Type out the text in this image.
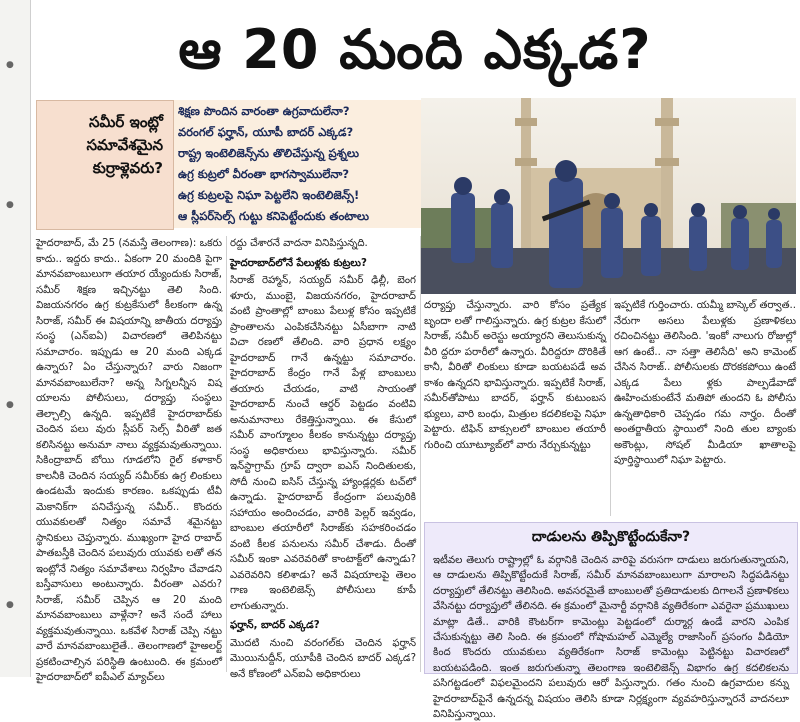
●
●
●
●
ఆ 20 మంది ఎక్కడ?
సమీర్ ఇంట్లో సమావేశమైన కుర్రాళ్లెవరు?
శిక్షణ పొందిన వారంతా ఉగ్రవాదులేనా?
వరంగల్ ఫర్హాన్, యూపీ బాదర్ ఎక్కడ?
రాష్ట్ర ఇంటెలిజెన్స్‌ను తొలిచేస్తున్న ప్రశ్నలు
ఉగ్ర కుట్రలో వీరంతా భాగస్వాములేనా?
ఉగ్ర కుట్రలపై నిఘా పెట్టలేని ఇంటెలిజెన్స్!
ఆ స్లీపర్‌సెల్స్ గుట్టు కనిపెట్టేందుకు తంటాలు

హైదరాబాద్, మే 25 (నమస్తే తెలంగాణ): ఒకరు కాదు.. ఇద్దరు కాదు.. ఏకంగా 20 మందికి పైగా మానవబాంబులుగా తయార య్యేందుకు సిరాజ్, సమీర్ శిక్షణ ఇచ్చినట్టు తెలి సింది. విజయనగరం ఉగ్ర కుట్రకేసులో కీలకంగా ఉన్న సిరాజ్, సమీర్ ఈ విషయాన్ని జాతీయ దర్యాప్తు సంస్థ (ఎన్ఐఏ) విచారణలో తెలిపినట్టు సమాచారం. ఇప్పుడు ఆ 20 మంది ఎక్కడ ఉన్నారు? ఏం చేస్తున్నారు? వారు నిజంగా మానవబాంబులేనా? అన్న సిగ్నలన్నీస విష యాలను పోలీసులు, దర్యాప్తు సంస్థలు తెల్చాల్సి ఉన్నది. ఇప్పటికే హైదరాబాద్‌కు చెందిన పలు వురు స్లీపర్ సెల్స్ వీరితో జత కలిసినట్టు అనుమా నాలు వ్యక్తమవుతున్నాయి. సికింద్రాబాద్ బోయి గూడలోని రైల్ కళాకార్ కాలనీకి చెందిన సయ్యద్ సమీర్‌కు ఉగ్ర లింకులు ఉండటమే ఇందుకు కారణం. ఒకప్పుడు టీవీ మెకానిక్‌గా పనిచేస్తున్న సమీర్.. కొందరు యువకులతో నిత్యం సమావే శమైనట్టు స్థానికులు చెప్తున్నారు. ముఖ్యంగా హైద రాబాద్ పాతబస్తీకి చెందిన పలువురు యువకు లతో తన ఇంట్లోనే నిత్యం సమావేశాలు నిర్వహిం చేవాడని బస్తీవాసులు అంటున్నారు. వీరంతా ఎవరు? సిరాజ్, సమీర్ చెప్పిన ఆ 20 మంది మానవబాంబులు వాళ్లేనా? అనే సందే హాలు వ్యక్తమవుతున్నాయి. ఒకవేళ సిరాజ్ చెప్పి నట్టు వారే మానవబాంబులైతే.. తెలంగాణలో హైఅలర్ట్ ప్రకటించాల్సిన పరిస్థితి ఉంటుంది. ఈ క్రమంలో హైదరాబాద్‌లో ఐపీఎల్ మ్యాచ్‌లు

రద్దు చేశారనే వాదనా వినిపిస్తున్నది.

హైదరాబాద్‌లోనే పేలుళ్లకు కుట్రలు?

సిరాజ్ రెహ్మాన్, సయ్యద్ సమీర్ ఢిల్లీ, బెంగ ళూరు, ముంబై, విజయనగరం, హైదరాబాద్ వంటి ప్రాంతాల్లో బాంబు పేలుళ్ల కోసం ఇప్పటికే ప్రాంతాలను ఎంపికచేసినట్టు ఏసీబాగా నాటి విచా రణలో తేలింది. వారి ప్రధాన లక్ష్యం హైదరాబాద్ గానే ఉన్నట్టు సమాచారం. హైదరాబాద్ కేంద్రం గానే పేళ్ల బాంబులు తయారు చేయడం, వాటి సాయంతో హైదరాబాద్ నుంచే ఆర్డర్ పెట్టడం వంటివి అనుమానాలు రేకెత్తిస్తున్నాయి. ఈ కేసులో సమీర్ వాంగ్మూలం కీలకం కానున్నట్టు దర్యాప్తు సంస్థ అధికారులు భావిస్తున్నారు. సమీర్ ఇన్‌స్టాగ్రామ్ గ్రూప్ ద్వారా ఐఎస్ నిందితులకు, సోదీ నుంచి ఐసిస్ చేస్తున్న హ్యాండ్లర్లకు టచ్‌లో ఉన్నాడు. హైదరాబాద్ కేంద్రంగా పలువురికి సహాయం అందించడం, వారికి పెల్లర్ ఇవ్వడం, బాంబుల తయారీలో సిరాజ్‌కు సహకరించడం వంటి కీలక పనులను సమీర్ చేశాడు. దీంతో సమీర్ ఇంకా ఎవరెవరితో కాంటాక్ట్‌లో ఉన్నాడు? ఎవరెవరిని కలిశాడు? అనే విషయాలపై తెలం గాణ ఇంటెలిజెన్స్ పోలీసులు కూపీ లాగుతున్నారు.

ఫర్హాన్, బాదర్ ఎక్కడ?

మొదటి నుంచి వరంగల్‌కు చెందిన ఫర్హాన్ మొయినుద్దీన్, యూపీకి చెందిన బాదర్ ఎక్కడ? అనే కోణంలో ఎన్ఐఏ అధికారులు

దర్యాప్తు చేస్తున్నారు. వారి కోసం ప్రత్యేక బృందా లతో గాలిస్తున్నారు. ఉగ్ర కుట్రల కేసులో సిరాజ్, సమీర్ అరెస్టు అయ్యారని తెలుసుకున్న వీరి ద్దరూ పరారీలో ఉన్నారు. వీరిద్దరూ దొరికితే కానీ, వీరితో లింకులు కూడా బయటపడే అవ కాశం ఉన్నదని భావిస్తున్నారు. ఇప్పటికే సిరాజ్, సమీర్‌తోపాటు బాదర్, ఫర్హాన్ కుటుంబస భ్యులు, వారి బంధు, మిత్రుల కదలికలపై నిఘా పెట్టారు. టిఫిన్ బాక్సులలో బాంబుల తయారీ గురించి యూట్యూబ్‌లో వారు నేర్చుకున్నట్టు

ఇప్పటికే గుర్తించారు. యమ్మీ బాస్కెల్ తర్వాత.. నేరుగా అసలు పేలుళ్లకు ప్రణాళికలు రచించినట్టు తెలిసింది. 'ఇంకో నాలుగు రోజుల్లో ఆగ ఉంటే.. నా సత్తా తెలిసేది' అని కామెంట్ చేసిన సిరాజ్.. పోలీసులకు దొరకకపోయి ఉంటే ఎక్కడ పేలు ళ్లకు పాల్పడేవాడో ఊహించుకుంటేనే మతిపో తుందని ఓ పోలీసు ఉన్నతాధికారి చెప్పడం గమ నార్హం. దీంతో అంతర్జాతీయ స్థాయిలో నింది తుల బ్యాంకు అకౌంట్లు, సోషల్ మీడియా ఖాతాలపై పూర్తిస్థాయిలో నిఘా పెట్టారు.

దాడులను తిప్పికొట్టేందుకేనా?
ఇటీవల తెలుగు రాష్ట్రాల్లో ఓ వర్గానికి చెందిన వారిపై వరుసగా దాడులు జరుగుతున్నాయని, ఆ దాడులను తిప్పికొట్టేందుకే సిరాజ్, సమీర్ మానవబాంబులుగా మారాలని సిద్ధపడినట్టు దర్యాప్తులో తేలినట్టు తెలిసింది. అవసరమైతే బాంబులతో ప్రతిదాడులకు దిగాలనే ప్రణాళికలు వేసినట్టు దర్యాప్తులో తేలినది. ఈ క్రమంలో మైనార్టీ వర్గానికి వ్యతిరేకంగా ఎవరైనా ప్రముఖులు మాట్లా డితే.. వారికి కౌంటర్‌గా కామెంట్లు పెట్టడంలో దుర్మార్గ ఉండే వారని ఎంపిక చేసుకున్నట్టు తెలి సింది. ఈ క్రమంలో గోషామహల్ ఎమ్మెల్యే రాజాసింగ్ ప్రసంగం వీడియో కింద కొందరు యువకులు వ్యతిరేకంగా సిరాజ్ కామెంట్లు పెట్టినట్టు విచారణలో బయటపడింది. ఇంత జరుగుతున్నా తెలంగాణ ఇంటెలిజెన్స్ విభాగం ఉగ్ర కదలికలను పసిగట్టడంలో విఫలమైందని పలువురు ఆరో పిస్తున్నారు. గతం నుంచి ఉగ్రవాదుల కన్ను హైదరాబాద్‌పైనే ఉన్నదన్న విషయం తెలిసి కూడా నిర్లక్ష్యంగా వ్యవహరిస్తున్నారనే వాదనలూ వినిపిస్తున్నాయి.
